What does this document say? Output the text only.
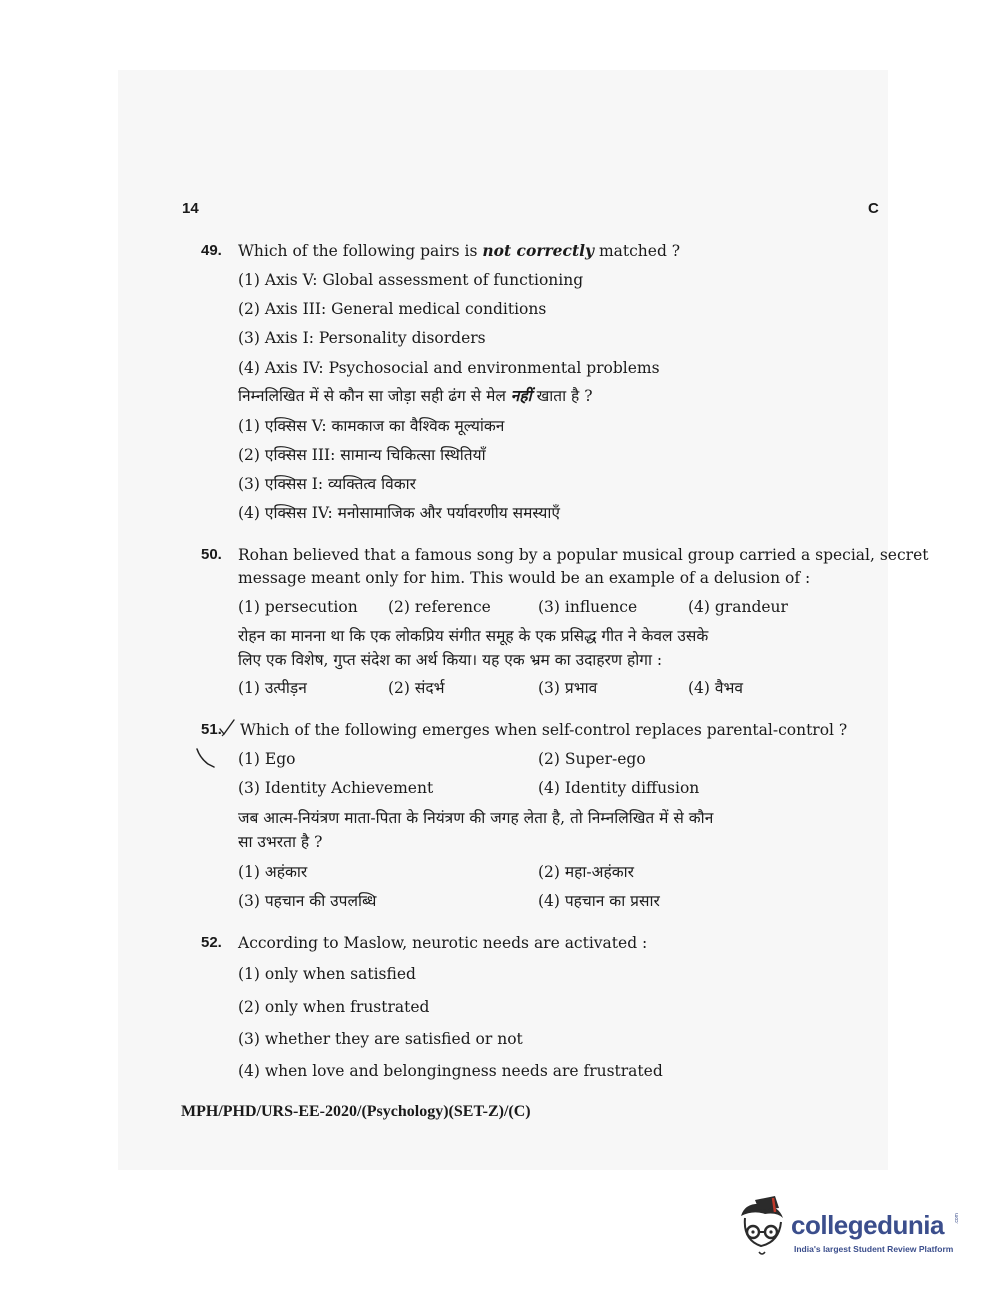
14	C
49. Which of the following pairs is not correctly matched ?
(1) Axis V: Global assessment of functioning
(2) Axis III: General medical conditions
(3) Axis I: Personality disorders
(4) Axis IV: Psychosocial and environmental problems
निम्नलिखित में से कौन सा जोड़ा सही ढंग से मेल नहीं खाता है ?
(1) एक्सिस V: कामकाज का वैश्विक मूल्यांकन
(2) एक्सिस III: सामान्य चिकित्सा स्थितियाँ
(3) एक्सिस I: व्यक्तित्व विकार
(4) एक्सिस IV: मनोसामाजिक और पर्यावरणीय समस्याएँ
50. Rohan believed that a famous song by a popular musical group carried a special, secret
message meant only for him. This would be an example of a delusion of :
(1) persecution (2) reference	(3) influence	(4) grandeur
रोहन का मानना था कि एक लोकप्रिय संगीत समूह के एक प्रसिद्ध गीत ने केवल उसके
लिए एक विशेष, गुप्त संदेश का अर्थ किया। यह एक भ्रम का उदाहरण होगा :
(1) उत्पीड़न	(2) संदर्भ	(3) प्रभाव	(4) वैभव
51. Which of the following emerges when self-control replaces parental-control ?
(1) Ego	(2) Super-ego
(3) Identity Achievement	(4) Identity diffusion
जब आत्म-नियंत्रण माता-पिता के नियंत्रण की जगह लेता है, तो निम्नलिखित में से कौन
सा उभरता है ?
(1) अहंकार	(2) महा-अहंकार
(3) पहचान की उपलब्धि	(4) पहचान का प्रसार
52. According to Maslow, neurotic needs are activated :
(1) only when satisfied
(2) only when frustrated
(3) whether they are satisfied or not
(4) when love and belongingness needs are frustrated
MPH/PHD/URS-EE-2020/(Psychology)(SET-Z)/(C)
collegedunia .com
India's largest Student Review Platform
